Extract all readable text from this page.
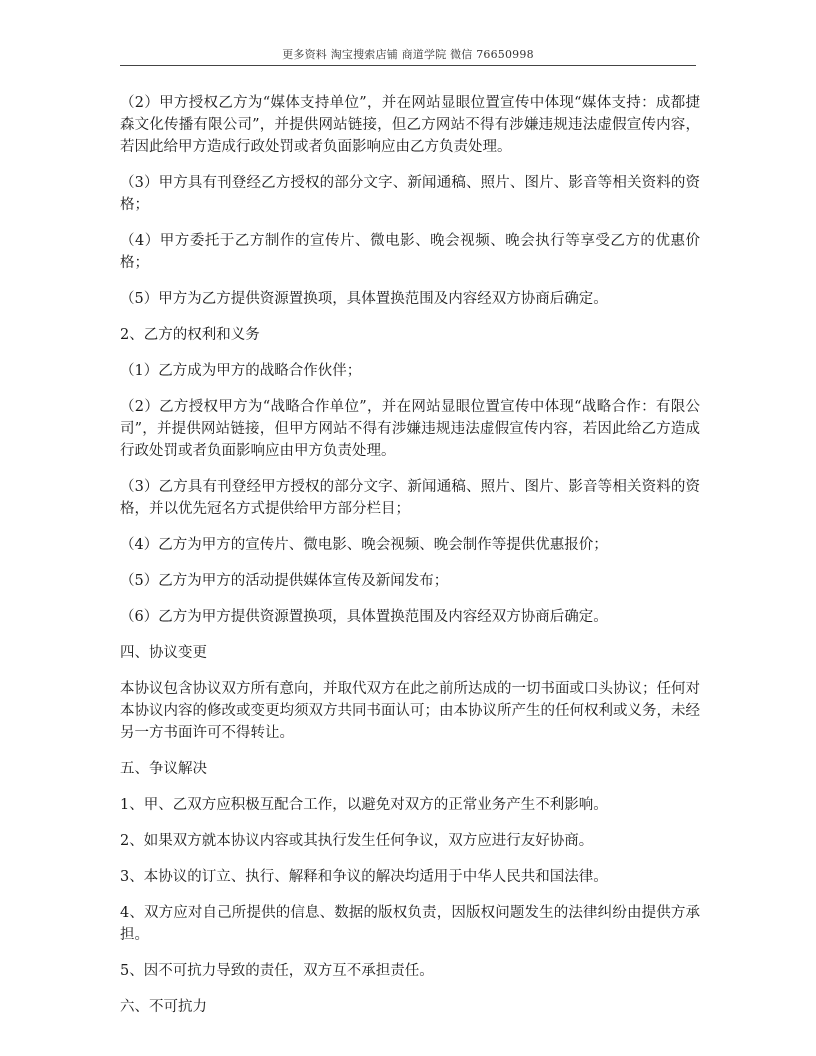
更多资料 淘宝搜索店铺 商道学院 微信 76650998

（2）甲方授权乙方为“媒体支持单位”，并在网站显眼位置宣传中体现“媒体支持：成都捷森文化传播有限公司”，并提供网站链接，但乙方网站不得有涉嫌违规违法虚假宣传内容，若因此给甲方造成行政处罚或者负面影响应由乙方负责处理。

（3）甲方具有刊登经乙方授权的部分文字、新闻通稿、照片、图片、影音等相关资料的资格；

（4）甲方委托于乙方制作的宣传片、微电影、晚会视频、晚会执行等享受乙方的优惠价格；

（5）甲方为乙方提供资源置换项，具体置换范围及内容经双方协商后确定。

2、乙方的权利和义务

（1）乙方成为甲方的战略合作伙伴；

（2）乙方授权甲方为“战略合作单位”，并在网站显眼位置宣传中体现“战略合作：有限公司”，并提供网站链接，但甲方网站不得有涉嫌违规违法虚假宣传内容，若因此给乙方造成行政处罚或者负面影响应由甲方负责处理。

（3）乙方具有刊登经甲方授权的部分文字、新闻通稿、照片、图片、影音等相关资料的资格，并以优先冠名方式提供给甲方部分栏目；

（4）乙方为甲方的宣传片、微电影、晚会视频、晚会制作等提供优惠报价；

（5）乙方为甲方的活动提供媒体宣传及新闻发布；

（6）乙方为甲方提供资源置换项，具体置换范围及内容经双方协商后确定。

四、协议变更

本协议包含协议双方所有意向，并取代双方在此之前所达成的一切书面或口头协议；任何对本协议内容的修改或变更均须双方共同书面认可；由本协议所产生的任何权利或义务，未经另一方书面许可不得转让。

五、争议解决

1、甲、乙双方应积极互配合工作，以避免对双方的正常业务产生不利影响。

2、如果双方就本协议内容或其执行发生任何争议，双方应进行友好协商。

3、本协议的订立、执行、解释和争议的解决均适用于中华人民共和国法律。

4、双方应对自己所提供的信息、数据的版权负责，因版权问题发生的法律纠纷由提供方承担。

5、因不可抗力导致的责任，双方互不承担责任。

六、不可抗力
